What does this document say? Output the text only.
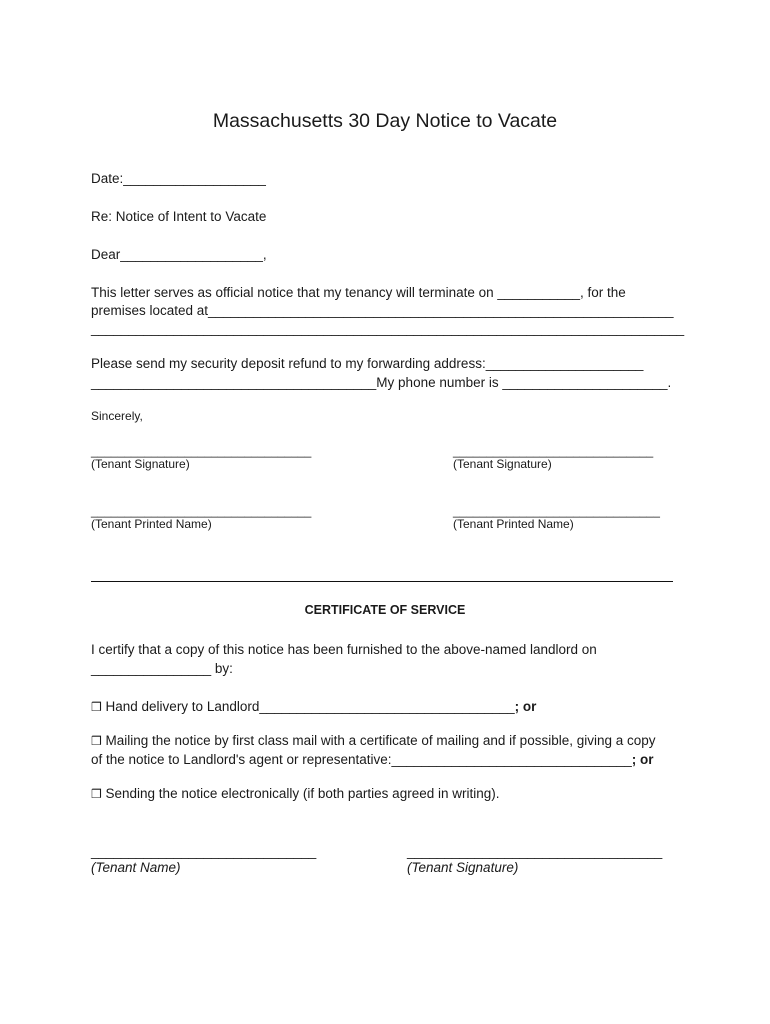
Massachusetts 30 Day Notice to Vacate
Date:___________________
Re: Notice of Intent to Vacate
Dear___________________,
This letter serves as official notice that my tenancy will terminate on ___________, for the
premises located at______________________________________________________________
_______________________________________________________________________________
Please send my security deposit refund to my forwarding address:_____________________
______________________________________My phone number is ______________________.
Sincerely,
_________________________________
(Tenant Signature)
______________________________
(Tenant Signature)
_________________________________
(Tenant Printed Name)
_______________________________
(Tenant Printed Name)
CERTIFICATE OF SERVICE
I certify that a copy of this notice has been furnished to the above-named landlord on
________________ by:
❒ Hand delivery to Landlord__________________________________; or
❒ Mailing the notice by first class mail with a certificate of mailing and if possible, giving a copy
of the notice to Landlord's agent or representative:________________________________; or
❒ Sending the notice electronically (if both parties agreed in writing).
______________________________
(Tenant Name)
__________________________________
(Tenant Signature)
